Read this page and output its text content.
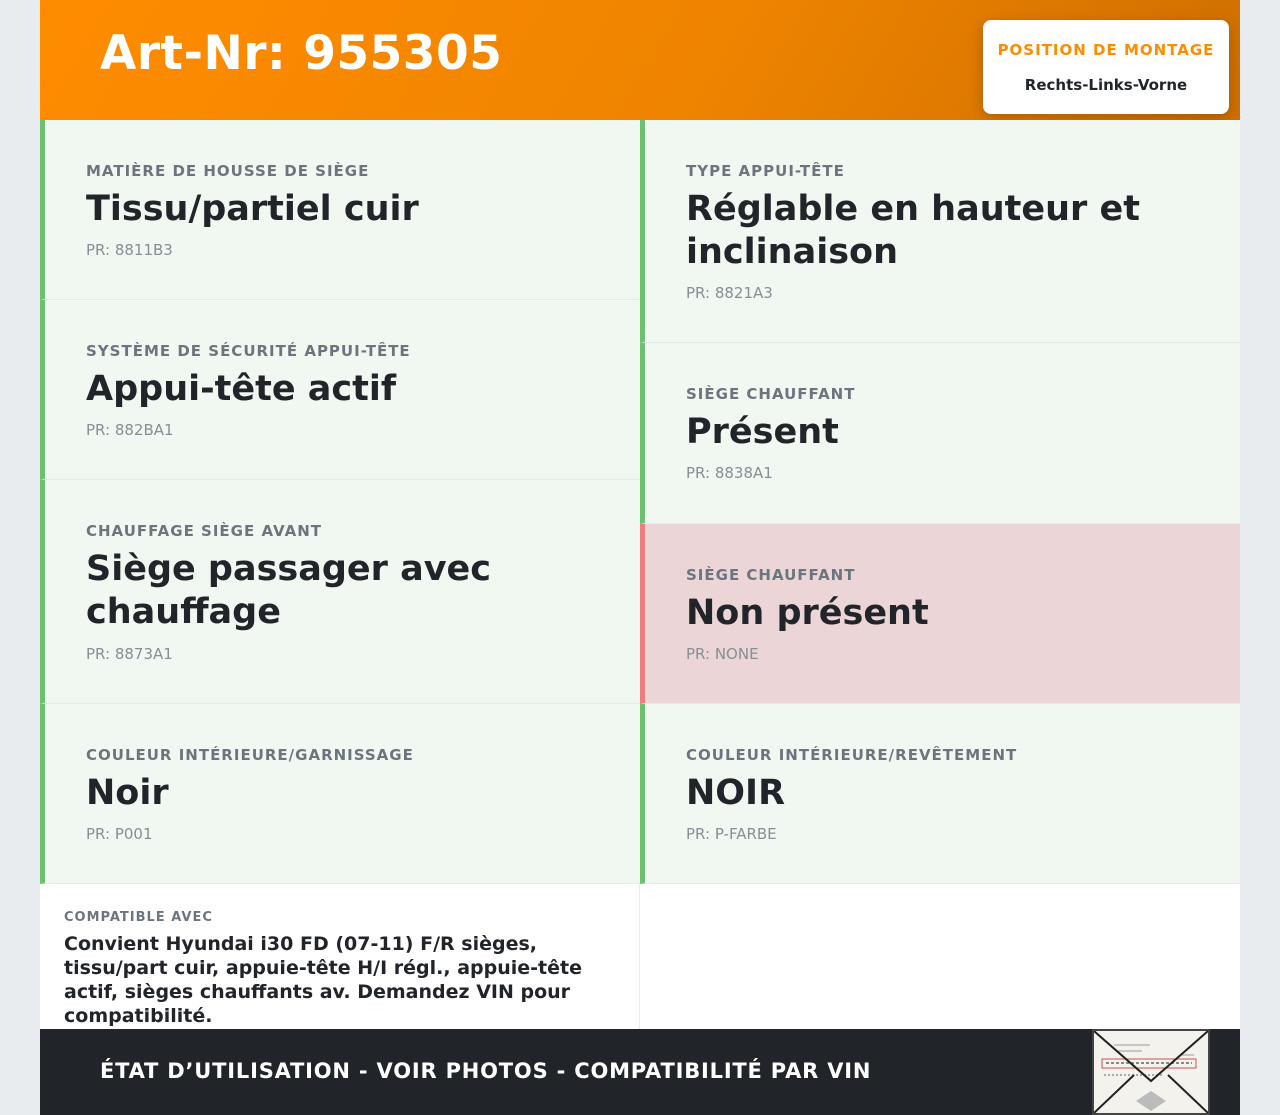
Art-Nr: 955305	POSITION DE MONTAGE
Rechts-Links-Vorne
MATIÈRE DE HOUSSE DE SIÈGE
Tissu/partiel cuir
PR: 8811B3
SYSTÈME DE SÉCURITÉ APPUI-TÊTE
Appui-tête actif
PR: 882BA1
CHAUFFAGE SIÈGE AVANT
Siège passager avec chauffage
PR: 8873A1
COULEUR INTÉRIEURE/GARNISSAGE
Noir
PR: P001
TYPE APPUI-TÊTE
Réglable en hauteur et inclinaison
PR: 8821A3
SIÈGE CHAUFFANT
Présent
PR: 8838A1
SIÈGE CHAUFFANT
Non présent
PR: NONE
COULEUR INTÉRIEURE/REVÊTEMENT
NOIR
PR: P-FARBE
COMPATIBLE AVEC
Convient Hyundai i30 FD (07-11) F/R sièges, tissu/part cuir, appuie-tête H/I régl., appuie-tête actif, sièges chauffants av. Demandez VIN pour compatibilité.
ÉTAT D’UTILISATION - VOIR PHOTOS - COMPATIBILITÉ PAR VIN
